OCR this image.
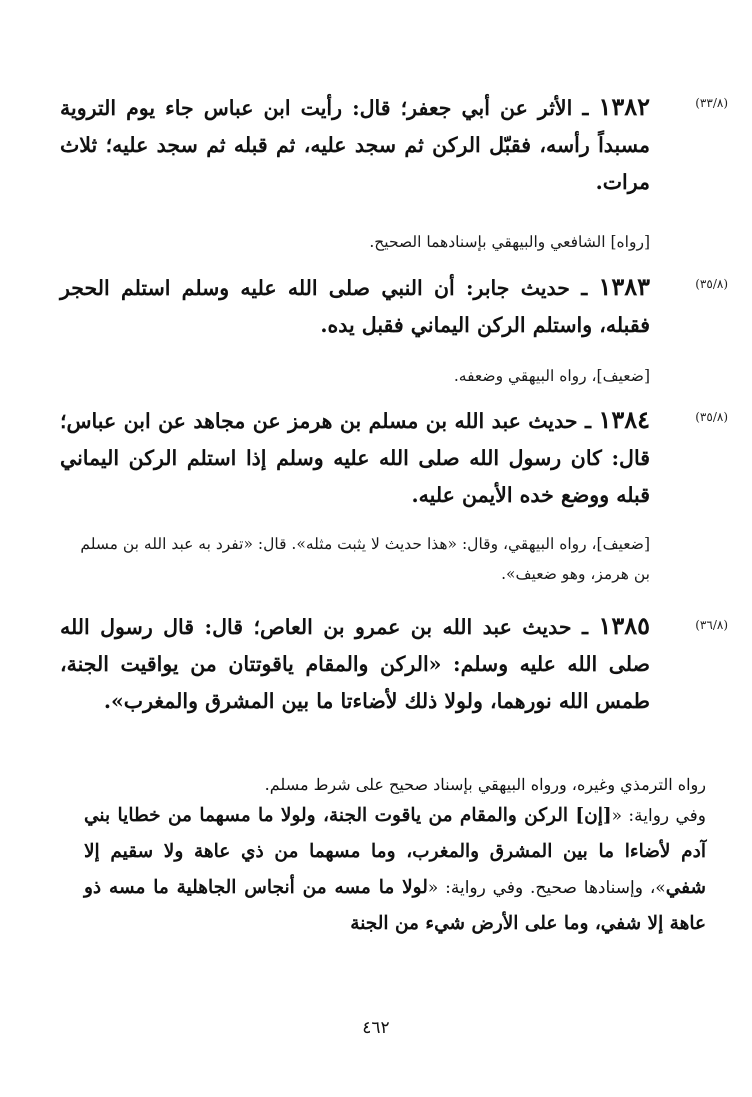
(٣٣/٨)
١٣٨٢ ـ الأثر عن أبي جعفر؛ قال: رأيت ابن عباس جاء يوم التروية مسبداً رأسه، فقبّل الركن ثم سجد عليه، ثم قبله ثم سجد عليه؛ ثلاث مرات.
[رواه] الشافعي والبيهقي بإسنادهما الصحيح.
(٣٥/٨)
١٣٨٣ ـ حديث جابر: أن النبي صلى الله عليه وسلم استلم الحجر فقبله، واستلم الركن اليماني فقبل يده.
[ضعيف]، رواه البيهقي وضعفه.
(٣٥/٨)
١٣٨٤ ـ حديث عبد الله بن مسلم بن هرمز عن مجاهد عن ابن عباس؛ قال: كان رسول الله صلى الله عليه وسلم إذا استلم الركن اليماني قبله ووضع خده الأيمن عليه.
[ضعيف]، رواه البيهقي، وقال: «هذا حديث لا يثبت مثله». قال: «تفرد به عبد الله بن مسلم بن هرمز، وهو ضعيف».
(٣٦/٨)
١٣٨٥ ـ حديث عبد الله بن عمرو بن العاص؛ قال: قال رسول الله صلى الله عليه وسلم: «الركن والمقام ياقوتتان من يواقيت الجنة، طمس الله نورهما، ولولا ذلك لأضاءتا ما بين المشرق والمغرب».
رواه الترمذي وغيره، ورواه البيهقي بإسناد صحيح على شرط مسلم.
وفي رواية: «[إن] الركن والمقام من ياقوت الجنة، ولولا ما مسهما من خطايا بني آدم لأضاءا ما بين المشرق والمغرب، وما مسهما من ذي عاهة ولا سقيم إلا شفي»، وإسنادها صحيح. وفي رواية: «لولا ما مسه من أنجاس الجاهلية ما مسه ذو عاهة إلا شفي، وما على الأرض شيء من الجنة
٤٦٢
